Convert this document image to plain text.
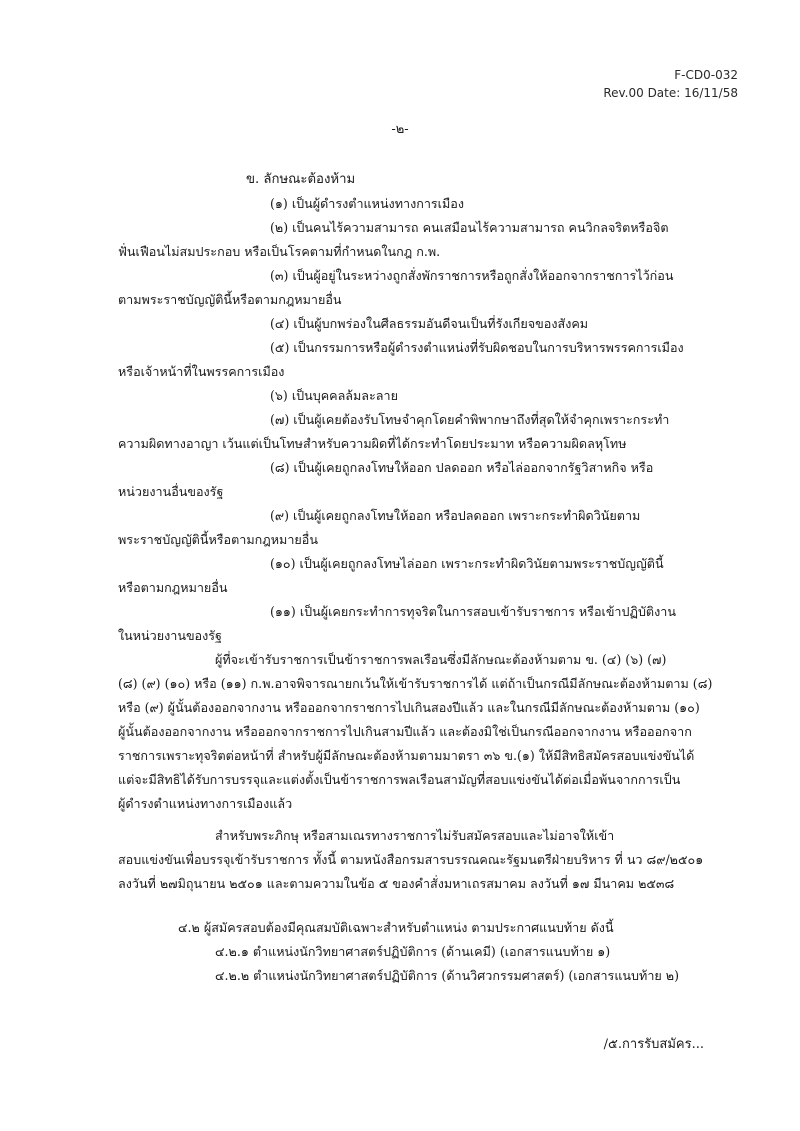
F-CD0-032
Rev.00 Date: 16/11/58
-๒-
ข. ลักษณะต้องห้าม
(๑) เป็นผู้ดำรงตำแหน่งทางการเมือง
(๒) เป็นคนไร้ความสามารถ คนเสมือนไร้ความสามารถ คนวิกลจริตหรือจิต
ฟั่นเฟือนไม่สมประกอบ หรือเป็นโรคตามที่กำหนดในกฎ ก.พ.
(๓) เป็นผู้อยู่ในระหว่างถูกสั่งพักราชการหรือถูกสั่งให้ออกจากราชการไว้ก่อน
ตามพระราชบัญญัตินี้หรือตามกฎหมายอื่น
(๔) เป็นผู้บกพร่องในศีลธรรมอันดีจนเป็นที่รังเกียจของสังคม
(๕) เป็นกรรมการหรือผู้ดำรงตำแหน่งที่รับผิดชอบในการบริหารพรรคการเมือง
หรือเจ้าหน้าที่ในพรรคการเมือง
(๖) เป็นบุคคลล้มละลาย
(๗) เป็นผู้เคยต้องรับโทษจำคุกโดยคำพิพากษาถึงที่สุดให้จำคุกเพราะกระทำ
ความผิดทางอาญา เว้นแต่เป็นโทษสำหรับความผิดที่ได้กระทำโดยประมาท หรือความผิดลหุโทษ
(๘) เป็นผู้เคยถูกลงโทษให้ออก ปลดออก หรือไล่ออกจากรัฐวิสาหกิจ หรือ
หน่วยงานอื่นของรัฐ
(๙) เป็นผู้เคยถูกลงโทษให้ออก หรือปลดออก เพราะกระทำผิดวินัยตาม
พระราชบัญญัตินี้หรือตามกฎหมายอื่น
(๑๐) เป็นผู้เคยถูกลงโทษไล่ออก เพราะกระทำผิดวินัยตามพระราชบัญญัตินี้
หรือตามกฎหมายอื่น
(๑๑) เป็นผู้เคยกระทำการทุจริตในการสอบเข้ารับราชการ หรือเข้าปฏิบัติงาน
ในหน่วยงานของรัฐ
ผู้ที่จะเข้ารับราชการเป็นข้าราชการพลเรือนซึ่งมีลักษณะต้องห้ามตาม ข. (๔) (๖) (๗)
(๘) (๙) (๑๐) หรือ (๑๑) ก.พ.อาจพิจารณายกเว้นให้เข้ารับราชการได้ แต่ถ้าเป็นกรณีมีลักษณะต้องห้ามตาม (๘)
หรือ (๙) ผู้นั้นต้องออกจากงาน หรือออกจากราชการไปเกินสองปีแล้ว และในกรณีมีลักษณะต้องห้ามตาม (๑๐)
ผู้นั้นต้องออกจากงาน หรือออกจากราชการไปเกินสามปีแล้ว และต้องมิใช่เป็นกรณีออกจากงาน หรือออกจาก
ราชการเพราะทุจริตต่อหน้าที่ สำหรับผู้มีลักษณะต้องห้ามตามมาตรา ๓๖ ข.(๑) ให้มีสิทธิสมัครสอบแข่งขันได้
แต่จะมีสิทธิได้รับการบรรจุและแต่งตั้งเป็นข้าราชการพลเรือนสามัญที่สอบแข่งขันได้ต่อเมื่อพ้นจากการเป็น
ผู้ดำรงตำแหน่งทางการเมืองแล้ว
สำหรับพระภิกษุ หรือสามเณรทางราชการไม่รับสมัครสอบและไม่อาจให้เข้า
สอบแข่งขันเพื่อบรรจุเข้ารับราชการ ทั้งนี้ ตามหนังสือกรมสารบรรณคณะรัฐมนตรีฝ่ายบริหาร ที่ นว ๘๙/๒๕๐๑
ลงวันที่ ๒๗มิถุนายน ๒๕๐๑ และตามความในข้อ ๕ ของคำสั่งมหาเถรสมาคม ลงวันที่ ๑๗ มีนาคม ๒๕๓๘
๔.๒ ผู้สมัครสอบต้องมีคุณสมบัติเฉพาะสำหรับตำแหน่ง ตามประกาศแนบท้าย ดังนี้
๔.๒.๑ ตำแหน่งนักวิทยาศาสตร์ปฏิบัติการ (ด้านเคมี) (เอกสารแนบท้าย ๑)
๔.๒.๒ ตำแหน่งนักวิทยาศาสตร์ปฏิบัติการ (ด้านวิศวกรรมศาสตร์) (เอกสารแนบท้าย ๒)
/๕.การรับสมัคร...
